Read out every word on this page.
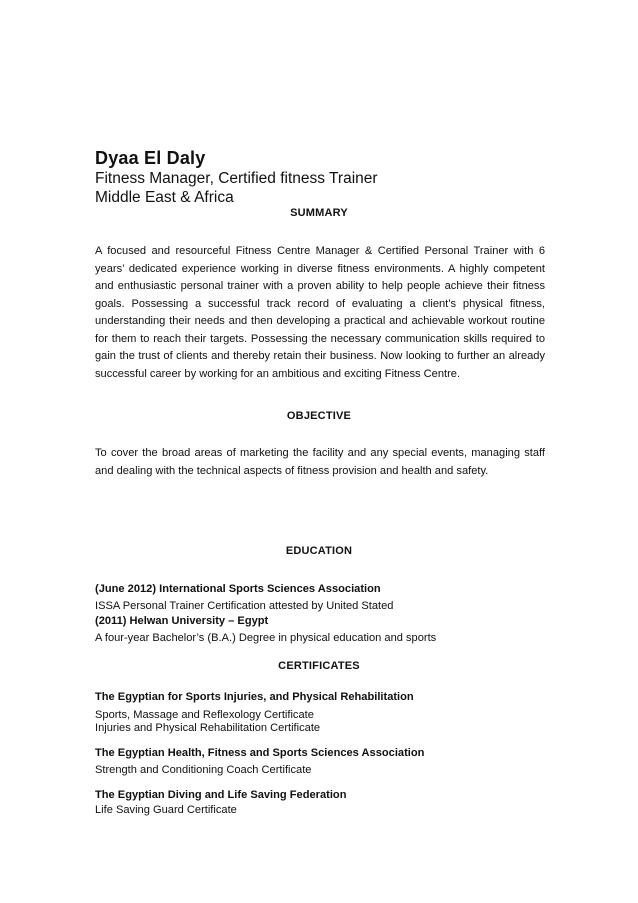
Dyaa El Daly
Fitness Manager, Certified fitness Trainer
Middle East & Africa
SUMMARY
A focused and resourceful Fitness Centre Manager & Certified Personal Trainer with 6 years’ dedicated experience working in diverse fitness environments. A highly competent and enthusiastic personal trainer with a proven ability to help people achieve their fitness goals. Possessing a successful track record of evaluating a client’s physical fitness, understanding their needs and then developing a practical and achievable workout routine for them to reach their targets. Possessing the necessary communication skills required to gain the trust of clients and thereby retain their business. Now looking to further an already successful career by working for an ambitious and exciting Fitness Centre.
OBJECTIVE
To cover the broad areas of marketing the facility and any special events, managing staff and dealing with the technical aspects of fitness provision and health and safety.
EDUCATION
(June 2012) International Sports Sciences Association
ISSA Personal Trainer Certification attested by United Stated
(2011) Helwan University – Egypt
A four-year Bachelor’s (B.A.) Degree in physical education and sports
CERTIFICATES
The Egyptian for Sports Injuries, and Physical Rehabilitation
Sports, Massage and Reflexology Certificate
Injuries and Physical Rehabilitation Certificate
The Egyptian Health, Fitness and Sports Sciences Association
Strength and Conditioning Coach Certificate
The Egyptian Diving and Life Saving Federation
Life Saving Guard Certificate
